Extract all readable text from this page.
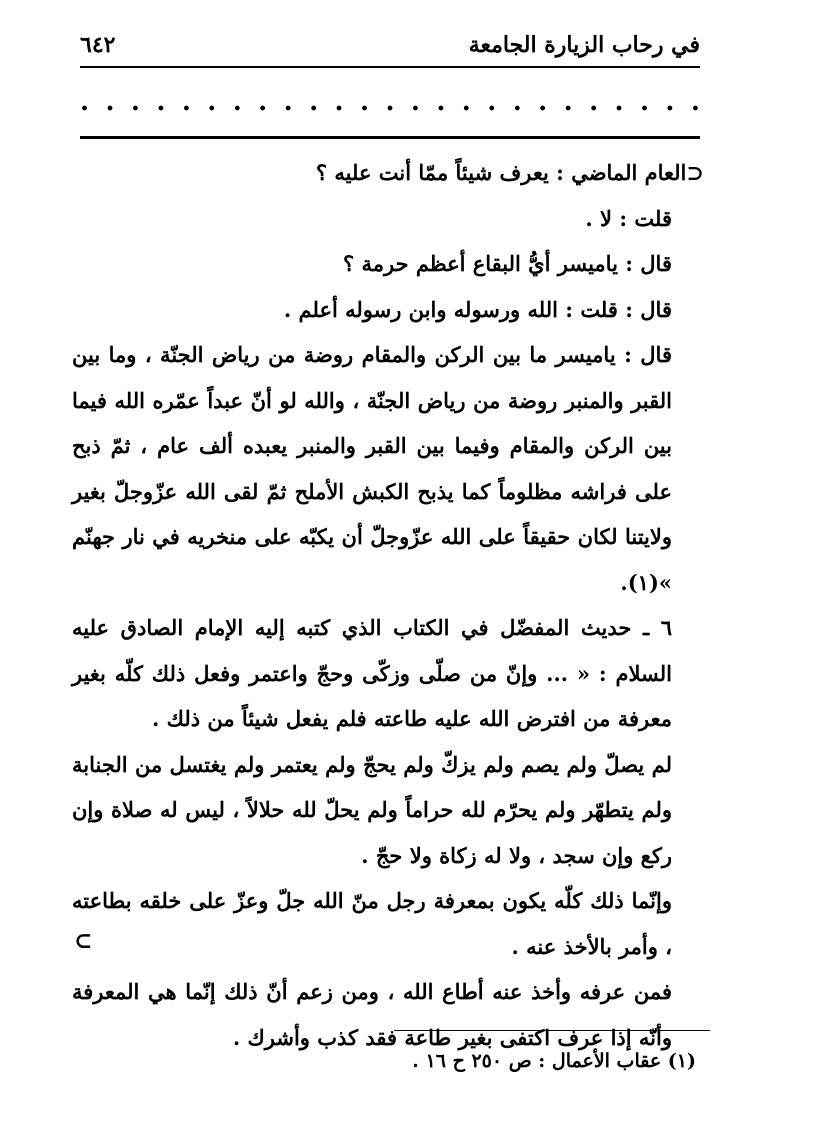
في رحاب الزيارة الجامعة
٦٤٢
. . . . . . . . . . . . . . . . . . . . . . . . .

⊂العام الماضي : يعرف شيئاً ممّا أنت عليه ؟

قلت : لا .

قال : ياميسر أيُّ البقاع أعظم حرمة ؟

قال : قلت : الله ورسوله وابن رسوله أعلم .

قال : ياميسر ما بين الركن والمقام روضة من رياض الجنّة ، وما بين القبر والمنبر روضة من رياض الجنّة ، والله لو أنّ عبداً عمّره الله فيما بين الركن والمقام وفيما بين القبر والمنبر يعبده ألف عام ، ثمّ ذبح على فراشه مظلوماً كما يذبح الكبش الأملح ثمّ لقى الله عزّوجلّ بغير ولايتنا لكان حقيقاً على الله عزّوجلّ أن يكبّه على منخريه في نار جهنّم »(١).

٦ ـ حديث المفضّل في الكتاب الذي كتبه إليه الإمام الصادق عليه السلام : « ... وإنّ من صلّى وزكّى وحجّ واعتمر وفعل ذلك كلّه بغير معرفة من افترض الله عليه طاعته فلم يفعل شيئاً من ذلك .

لم يصلّ ولم يصم ولم يزكّ ولم يحجّ ولم يعتمر ولم يغتسل من الجنابة ولم يتطهّر ولم يحرّم لله حراماً ولم يحلّ لله حلالاً ، ليس له صلاة وإن ركع وإن سجد ، ولا له زكاة ولا حجّ .

وإنّما ذلك كلّه يكون بمعرفة رجل منّ الله جلّ وعزّ على خلقه بطاعته ، وأمر بالأخذ عنه .

فمن عرفه وأخذ عنه أطاع الله ، ومن زعم أنّ ذلك إنّما هي المعرفة وأنّه إذا عرف اكتفى بغير طاعة فقد كذب وأشرك .

⊂
(١) عقاب الأعمال : ص ٢٥٠ ح ١٦ .
